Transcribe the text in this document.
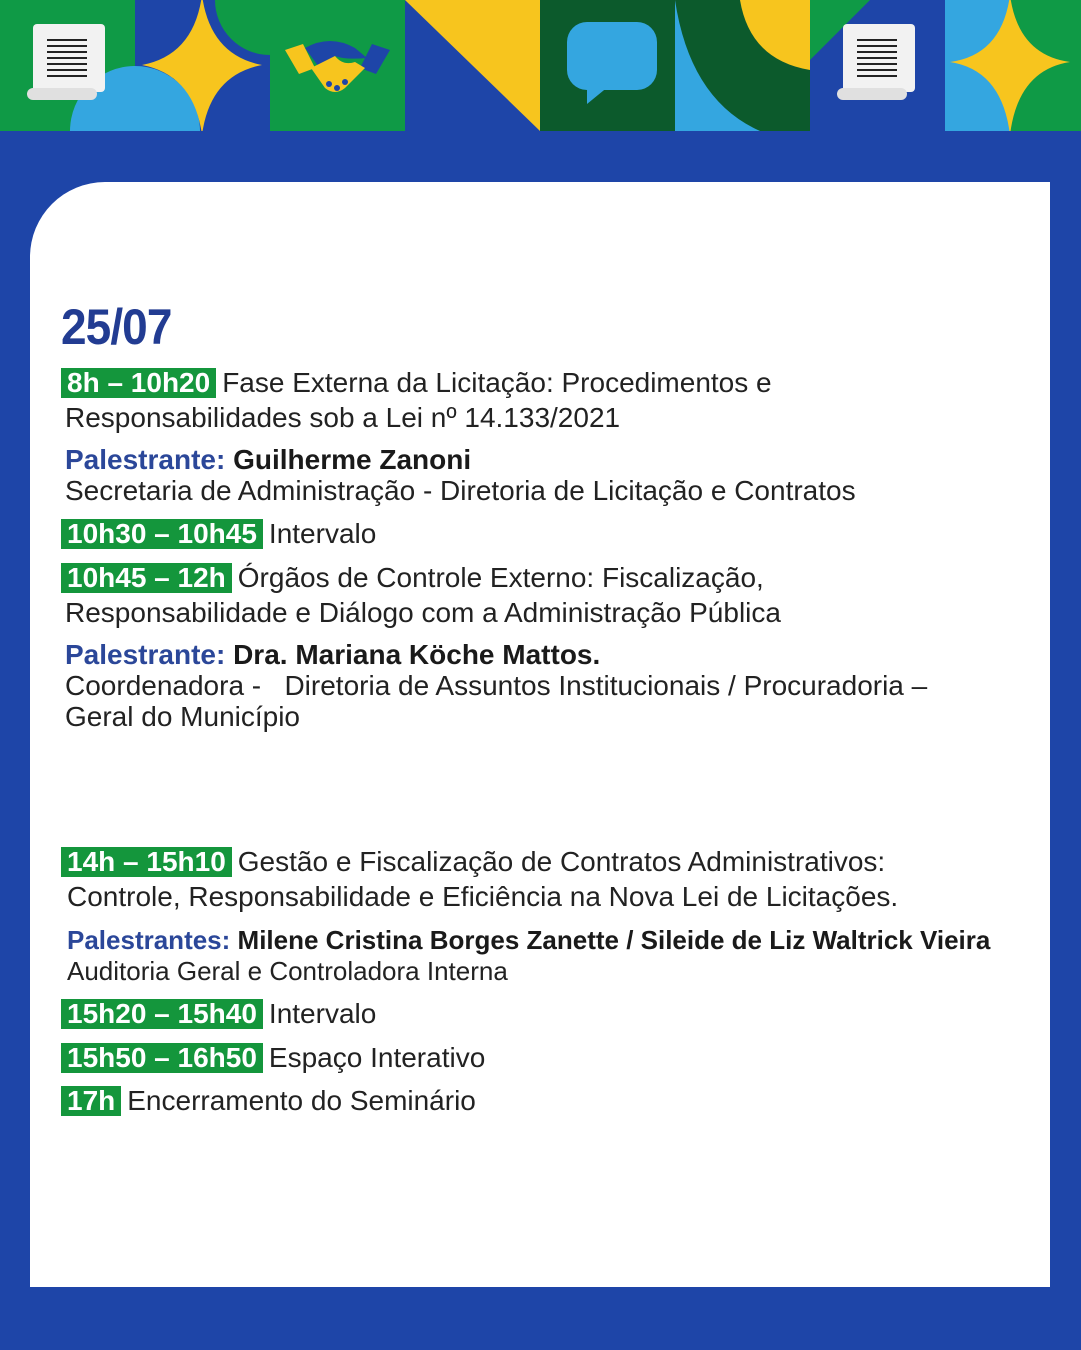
25/07
8h – 10h20 Fase Externa da Licitação: Procedimentos e
Responsabilidades sob a Lei nº 14.133/2021
Palestrante: Guilherme Zanoni
Secretaria de Administração - Diretoria de Licitação e Contratos
10h30 – 10h45 Intervalo
10h45 – 12h Órgãos de Controle Externo: Fiscalização,
Responsabilidade e Diálogo com a Administração Pública
Palestrante: Dra. Mariana Köche Mattos.
Coordenadora -   Diretoria de Assuntos Institucionais / Procuradoria –
Geral do Município
14h – 15h10 Gestão e Fiscalização de Contratos Administrativos:
Controle, Responsabilidade e Eficiência na Nova Lei de Licitações.
Palestrantes: Milene Cristina Borges Zanette / Sileide de Liz Waltrick Vieira
Auditoria Geral e Controladora Interna
15h20 – 15h40 Intervalo
15h50 – 16h50 Espaço Interativo
17h Encerramento do Seminário
